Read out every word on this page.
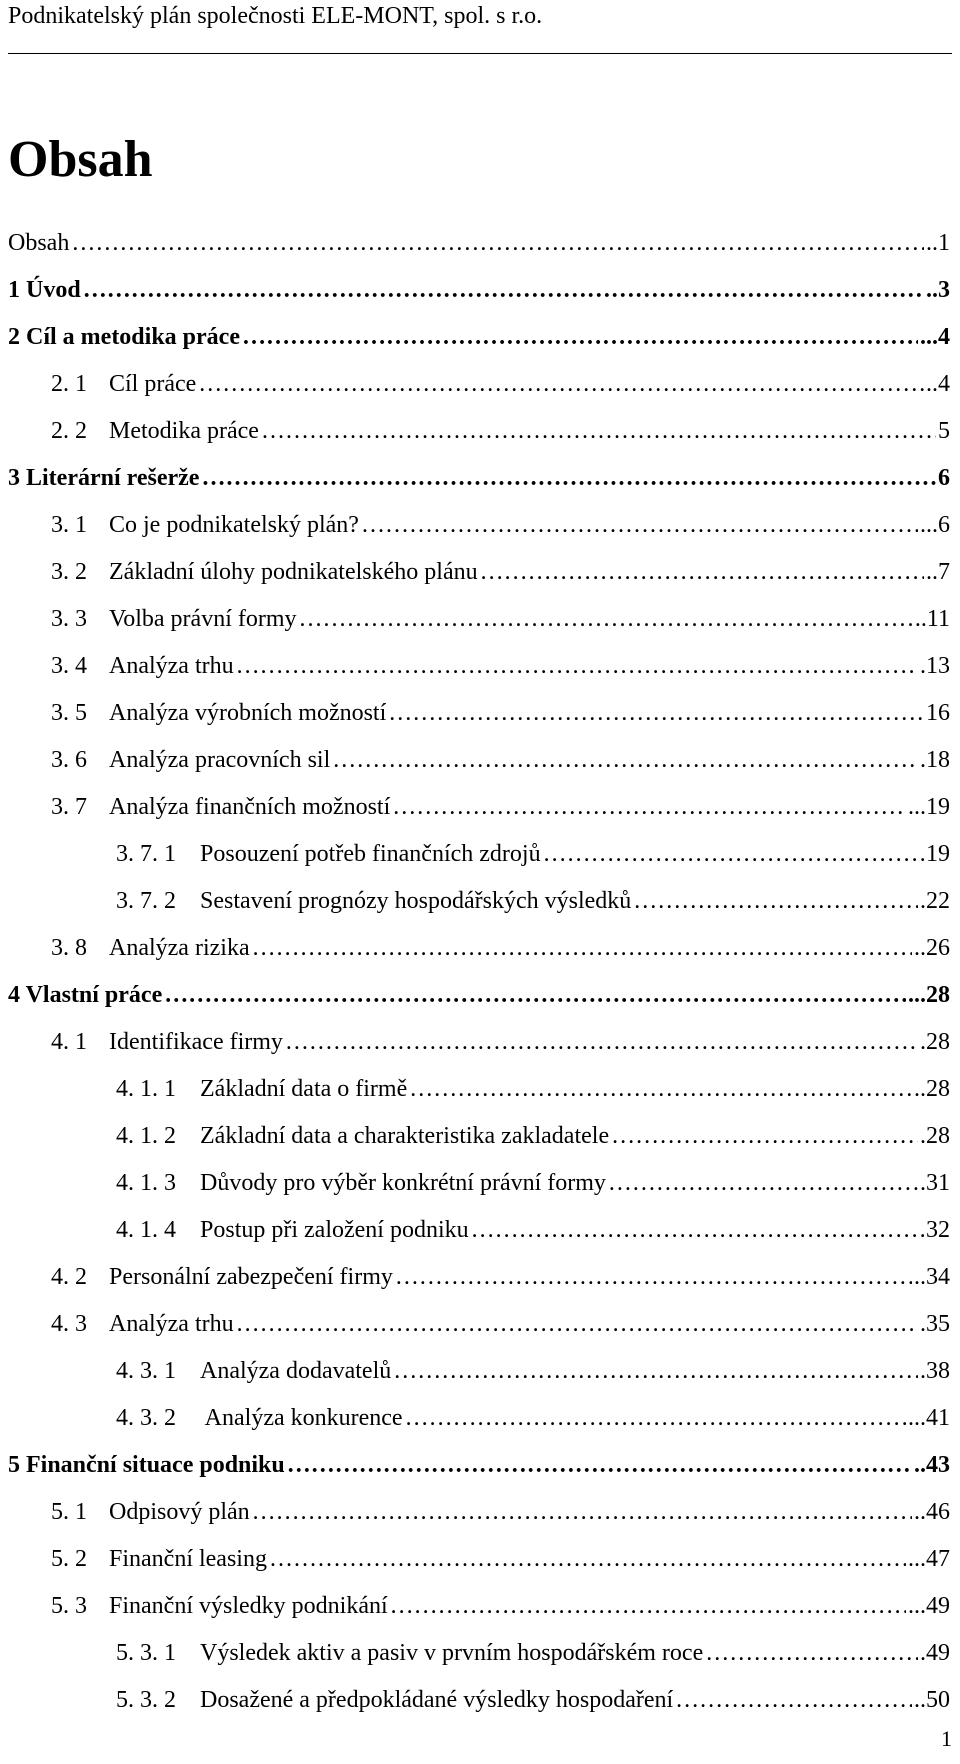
Podnikatelský plán společnosti ELE-MONT, spol. s r.o.
Obsah
Obsah …………………………………………………………………………………………………………………………………………………………………………………………………………………………	..1
1 Úvod …………………………………………………………………………………………………………………………………………………………………………………………………………………………	..3
2 Cíl a metodika práce …………………………………………………………………………………………………………………………………………………………………………………………………………………………	...4
2. 1 Cíl práce …………………………………………………………………………………………………………………………………………………………………………………………………………………………	..4
2. 2 Metodika práce …………………………………………………………………………………………………………………………………………………………………………………………………………………………	5
3 Literární rešerže …………………………………………………………………………………………………………………………………………………………………………………………………………………………	6
3. 1 Co je podnikatelský plán? …………………………………………………………………………………………………………………………………………………………………………………………………………………………	...6
3. 2 Základní úlohy podnikatelského plánu …………………………………………………………………………………………………………………………………………………………………………………………………………………………	..7
3. 3 Volba právní formy …………………………………………………………………………………………………………………………………………………………………………………………………………………………	..11
3. 4 Analýza trhu …………………………………………………………………………………………………………………………………………………………………………………………………………………………	.13
3. 5 Analýza výrobních možností …………………………………………………………………………………………………………………………………………………………………………………………………………………………	16
3. 6 Analýza pracovních sil …………………………………………………………………………………………………………………………………………………………………………………………………………………………	.18
3. 7 Analýza finančních možností …………………………………………………………………………………………………………………………………………………………………………………………………………………………	...19
3. 7. 1 Posouzení potřeb finančních zdrojů …………………………………………………………………………………………………………………………………………………………………………………………………………………………	19
3. 7. 2 Sestavení prognózy hospodářských výsledků …………………………………………………………………………………………………………………………………………………………………………………………………………………………	.22
3. 8 Analýza rizika …………………………………………………………………………………………………………………………………………………………………………………………………………………………	..26
4 Vlastní práce …………………………………………………………………………………………………………………………………………………………………………………………………………………………	...28
4. 1 Identifikace firmy …………………………………………………………………………………………………………………………………………………………………………………………………………………………	.28
4. 1. 1 Základní data o firmě …………………………………………………………………………………………………………………………………………………………………………………………………………………………	..28
4. 1. 2 Základní data a charakteristika zakladatele …………………………………………………………………………………………………………………………………………………………………………………………………………………………	.28
4. 1. 3 Důvody pro výběr konkrétní právní formy …………………………………………………………………………………………………………………………………………………………………………………………………………………………	.31
4. 1. 4 Postup při založení podniku …………………………………………………………………………………………………………………………………………………………………………………………………………………………	32
4. 2 Personální zabezpečení firmy …………………………………………………………………………………………………………………………………………………………………………………………………………………………	..34
4. 3 Analýza trhu …………………………………………………………………………………………………………………………………………………………………………………………………………………………	.35
4. 3. 1 Analýza dodavatelů …………………………………………………………………………………………………………………………………………………………………………………………………………………………	.38
4. 3. 2 Analýza konkurence …………………………………………………………………………………………………………………………………………………………………………………………………………………………	...41
5 Finanční situace podniku …………………………………………………………………………………………………………………………………………………………………………………………………………………………	..43
5. 1 Odpisový plán …………………………………………………………………………………………………………………………………………………………………………………………………………………………	..46
5. 2 Finanční leasing …………………………………………………………………………………………………………………………………………………………………………………………………………………………	...47
5. 3 Finanční výsledky podnikání …………………………………………………………………………………………………………………………………………………………………………………………………………………………	...49
5. 3. 1 Výsledek aktiv a pasiv v prvním hospodářském roce …………………………………………………………………………………………………………………………………………………………………………………………………………………………	.49
5. 3. 2 Dosažené a předpokládané výsledky hospodaření …………………………………………………………………………………………………………………………………………………………………………………………………………………………	..50
1
